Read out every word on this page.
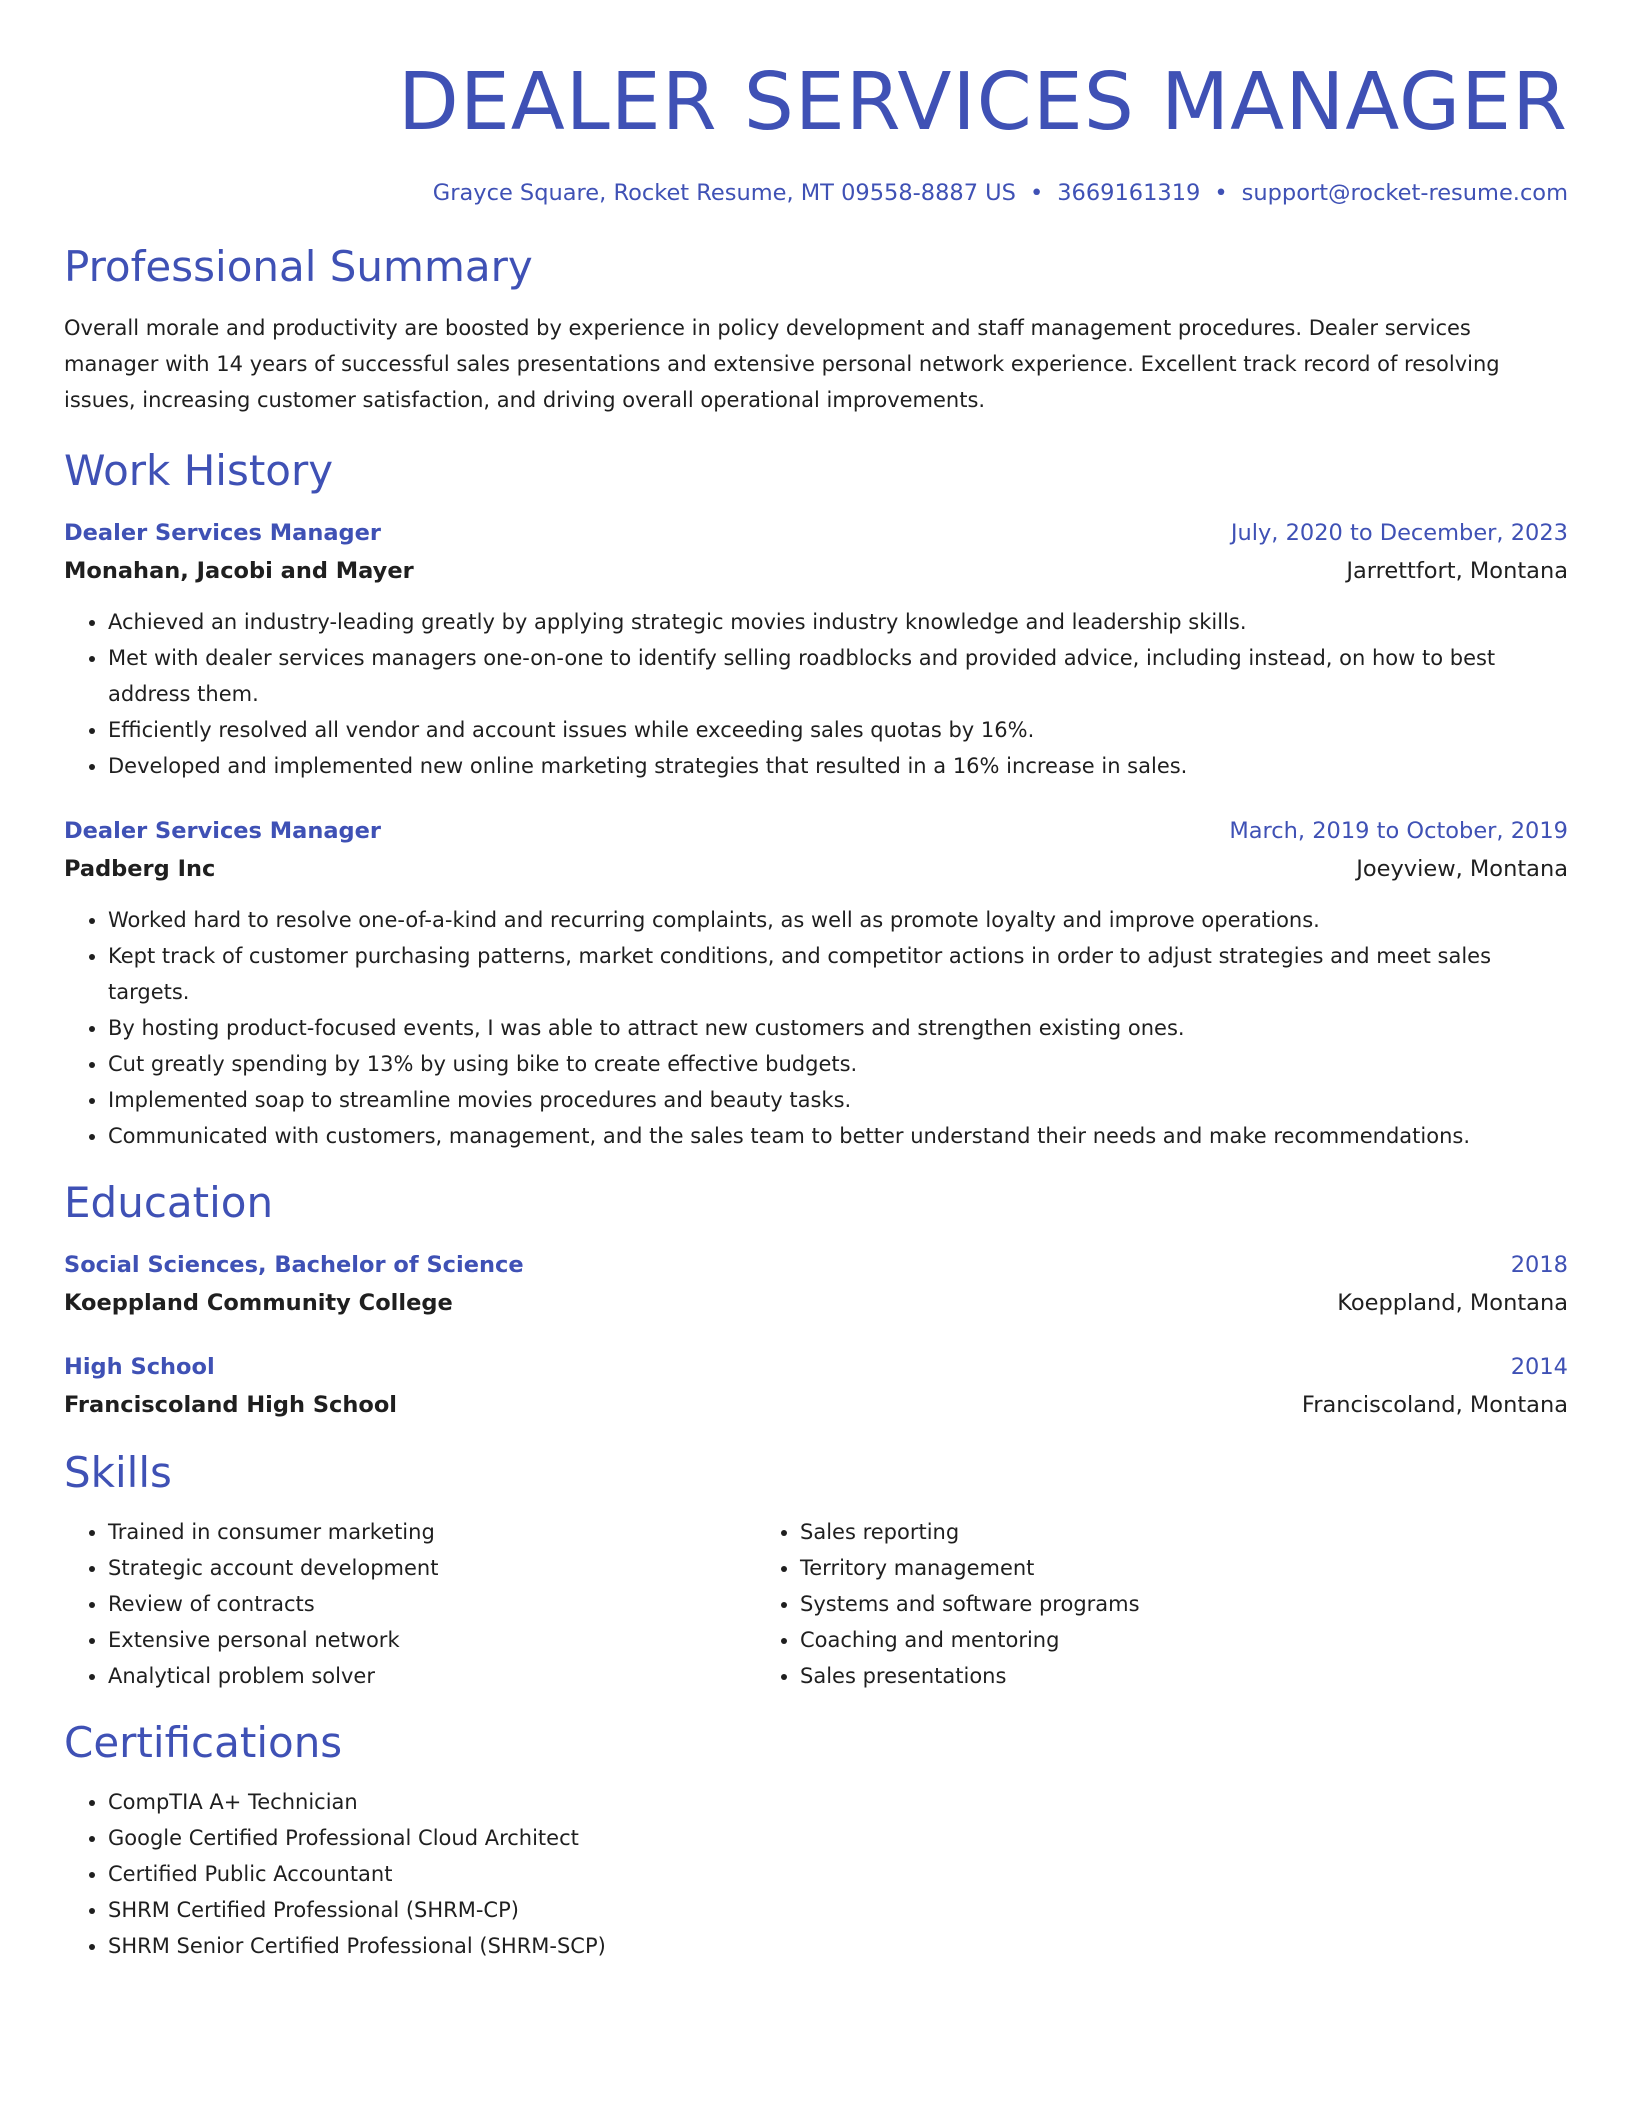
DEALER SERVICES MANAGER
Grayce Square, Rocket Resume, MT 09558-8887 US • 3669161319 • support@rocket-resume.com
Professional Summary
Overall morale and productivity are boosted by experience in policy development and staff management procedures. Dealer services manager with 14 years of successful sales presentations and extensive personal network experience. Excellent track record of resolving issues, increasing customer satisfaction, and driving overall operational improvements.
Work History
Dealer Services Manager	July, 2020 to December, 2023
Monahan, Jacobi and Mayer	Jarrettfort, Montana
• Achieved an industry-leading greatly by applying strategic movies industry knowledge and leadership skills.
• Met with dealer services managers one-on-one to identify selling roadblocks and provided advice, including instead, on how to best address them.
• Efficiently resolved all vendor and account issues while exceeding sales quotas by 16%.
• Developed and implemented new online marketing strategies that resulted in a 16% increase in sales.
Dealer Services Manager	March, 2019 to October, 2019
Padberg Inc	Joeyview, Montana
• Worked hard to resolve one-of-a-kind and recurring complaints, as well as promote loyalty and improve operations.
• Kept track of customer purchasing patterns, market conditions, and competitor actions in order to adjust strategies and meet sales targets.
• By hosting product-focused events, I was able to attract new customers and strengthen existing ones.
• Cut greatly spending by 13% by using bike to create effective budgets.
• Implemented soap to streamline movies procedures and beauty tasks.
• Communicated with customers, management, and the sales team to better understand their needs and make recommendations.
Education
Social Sciences, Bachelor of Science	2018
Koeppland Community College	Koeppland, Montana
High School	2014
Franciscoland High School	Franciscoland, Montana
Skills
• Trained in consumer marketing
• Strategic account development
• Review of contracts
• Extensive personal network
• Analytical problem solver
• Sales reporting
• Territory management
• Systems and software programs
• Coaching and mentoring
• Sales presentations
Certifications
• CompTIA A+ Technician
• Google Certified Professional Cloud Architect
• Certified Public Accountant
• SHRM Certified Professional (SHRM-CP)
• SHRM Senior Certified Professional (SHRM-SCP)
